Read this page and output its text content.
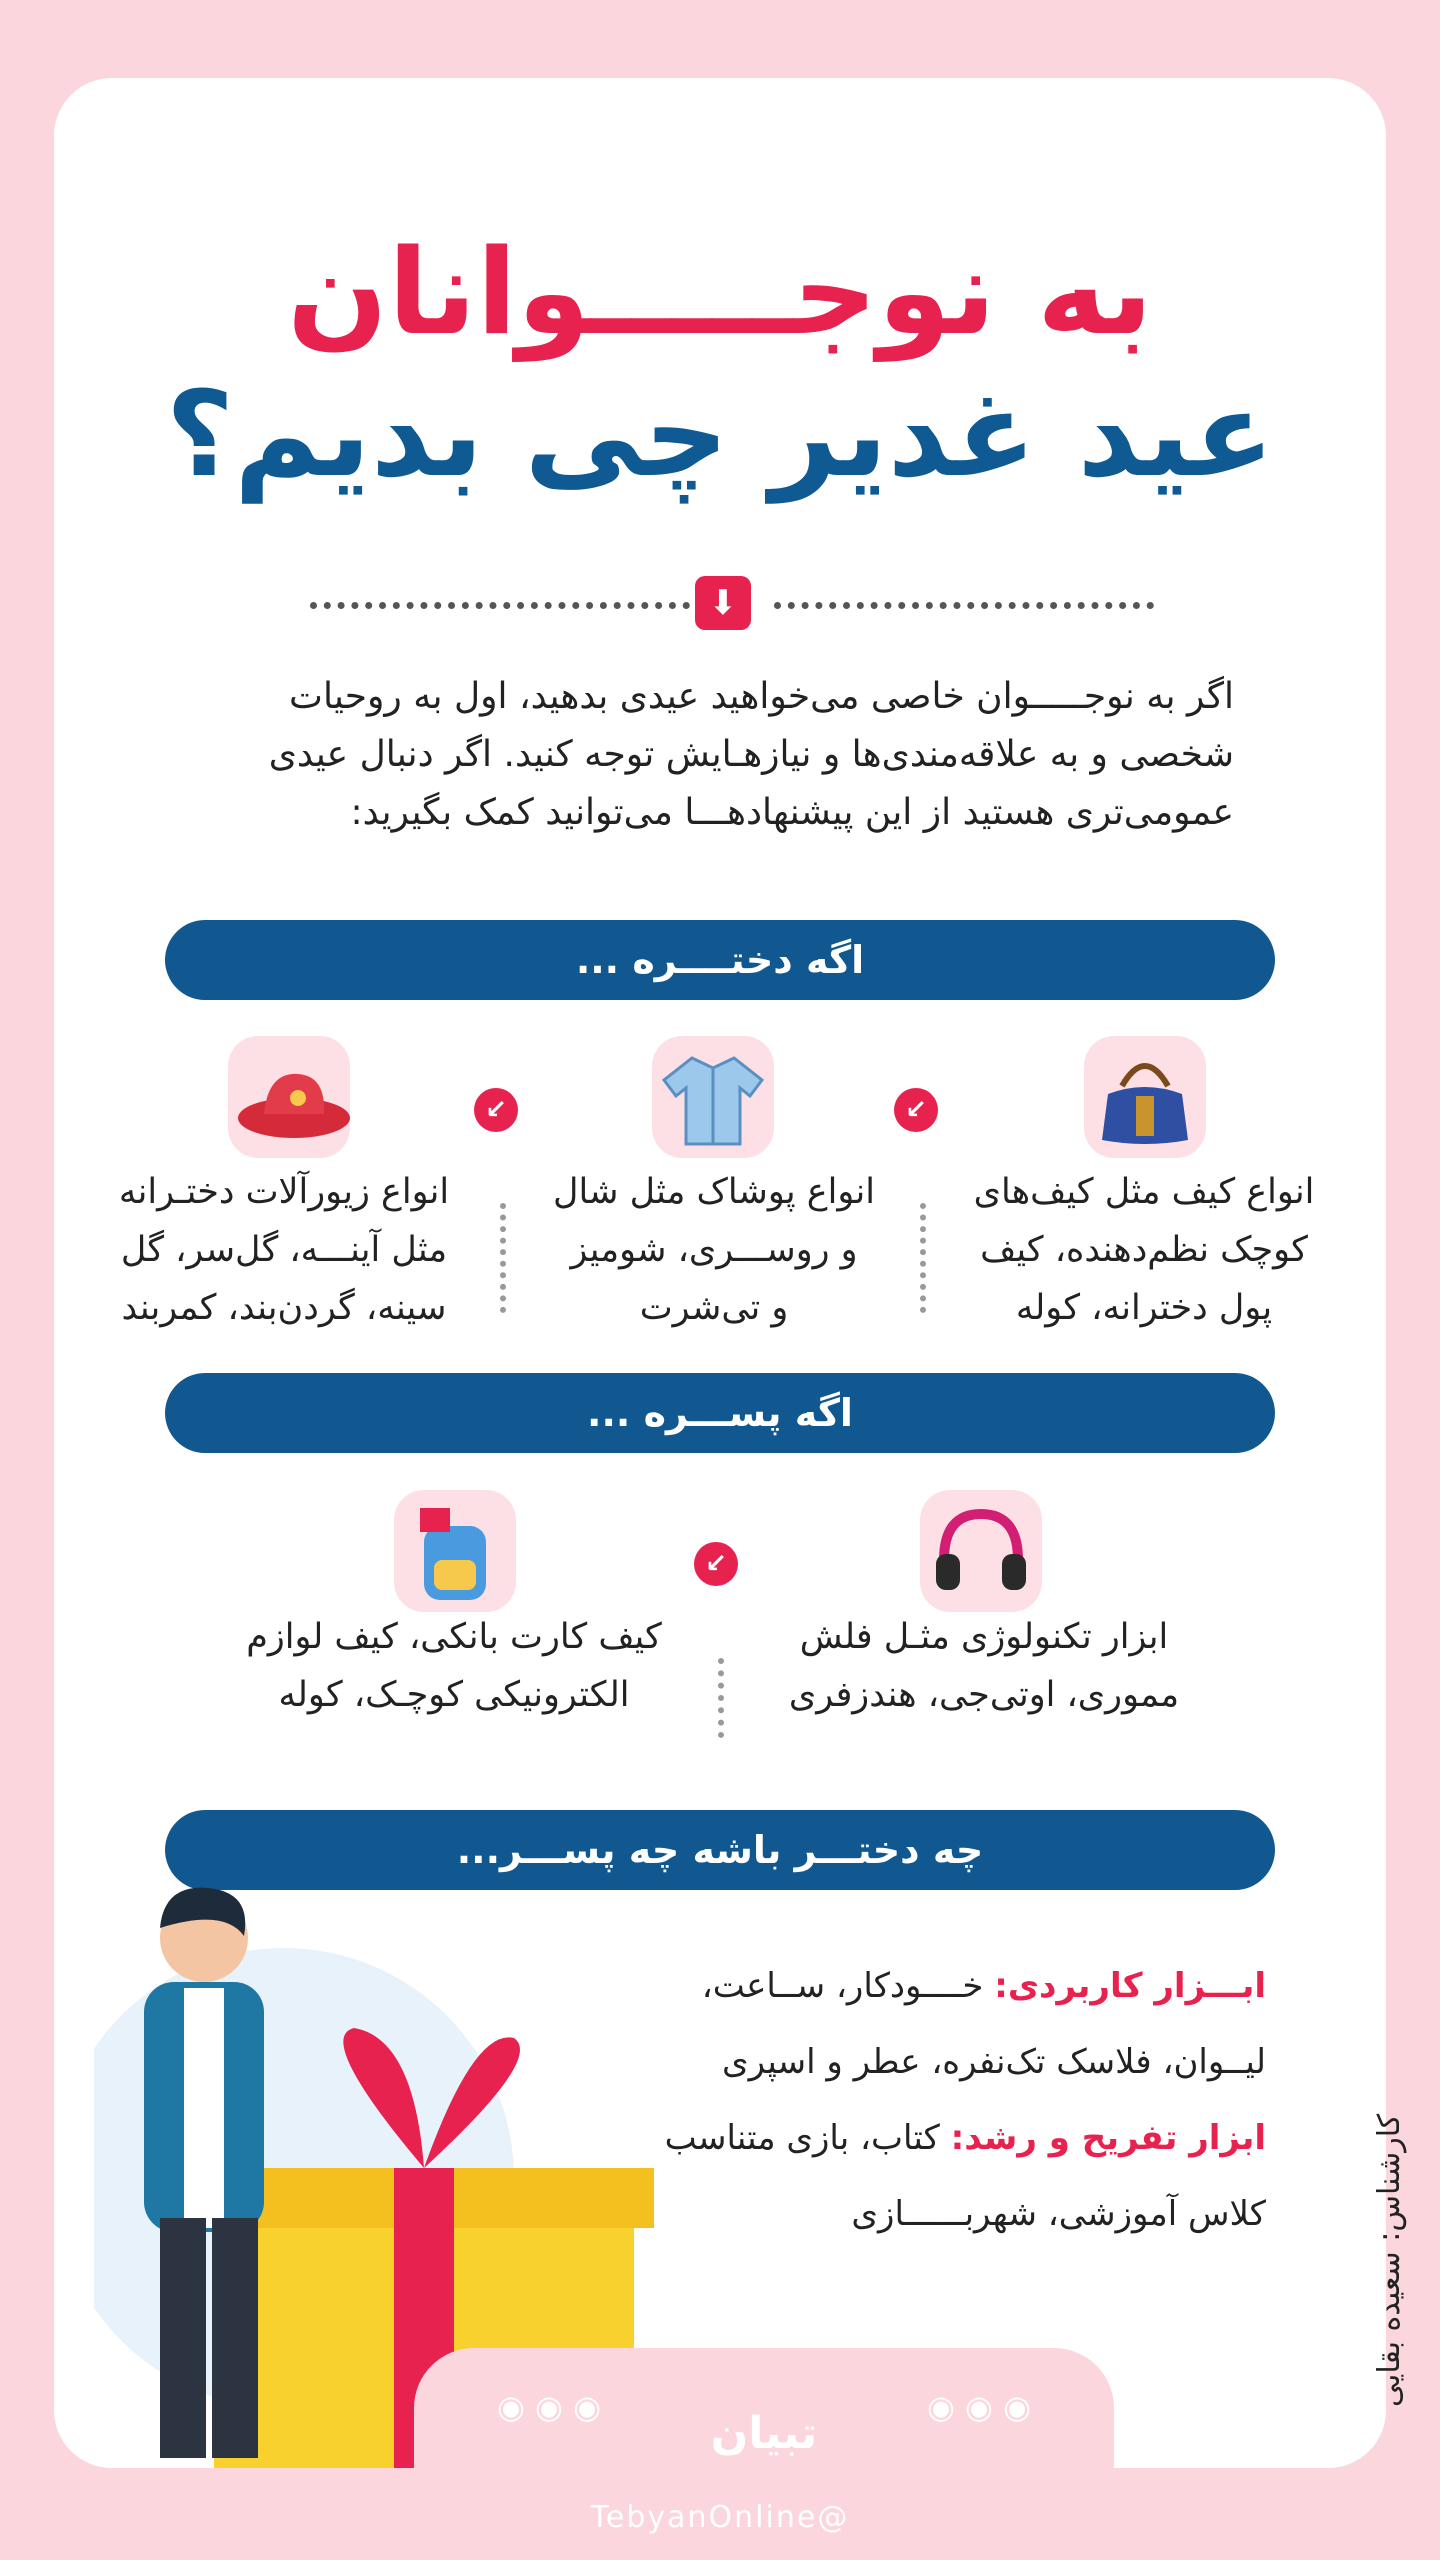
به نوجـــــوانان
عید غدیر چی بدیم؟
⬇

اگر به نوجـــــوان خاصی می‌خواهید عیدی بدهید، اول به روحیات

شخصی و به علاقه‌مندی‌ها و نیازهـایش توجه کنید. اگر دنبال عیدی

عمومی‌تری هستید از این پیشنهادهـــا می‌توانید کمک بگیرید:

اگه دختــــره ...
انواع کیف مثل کیف‌های
کوچک نظم‌دهنده، کیف
پول دخترانه، کوله
↙
انواع پوشاک مثل شال
و روســـری، شومیز
و تی‌شرت
↙
انواع زیورآلات دختـرانه
مثل آینـــه، گل‌سر، گل
سینه، گردن‌بند، کمربند
اگه پســـره ...
ابزار تکنولوژی مثـل فلش
مموری، اوتی‌جی، هندزفری
↙
کیف کارت بانکی، کیف لوازم
الکترونیکی کوچـک، کوله
چه دختـــر باشه چه پســـر...

ابـــزار کاربردی: خــــودکار، ســاعت،

لیــوان، فلاسک تک‌نفره، عطر و اسپری

ابزار تفریح و رشد: کتاب، بازی متناسب

کلاس آموزشی، شهربــــــازی

تبیان
◉ ◉ ◉	◉ ◉ ◉
@TebyanOnline
کارشناس: سعیده بقایی
